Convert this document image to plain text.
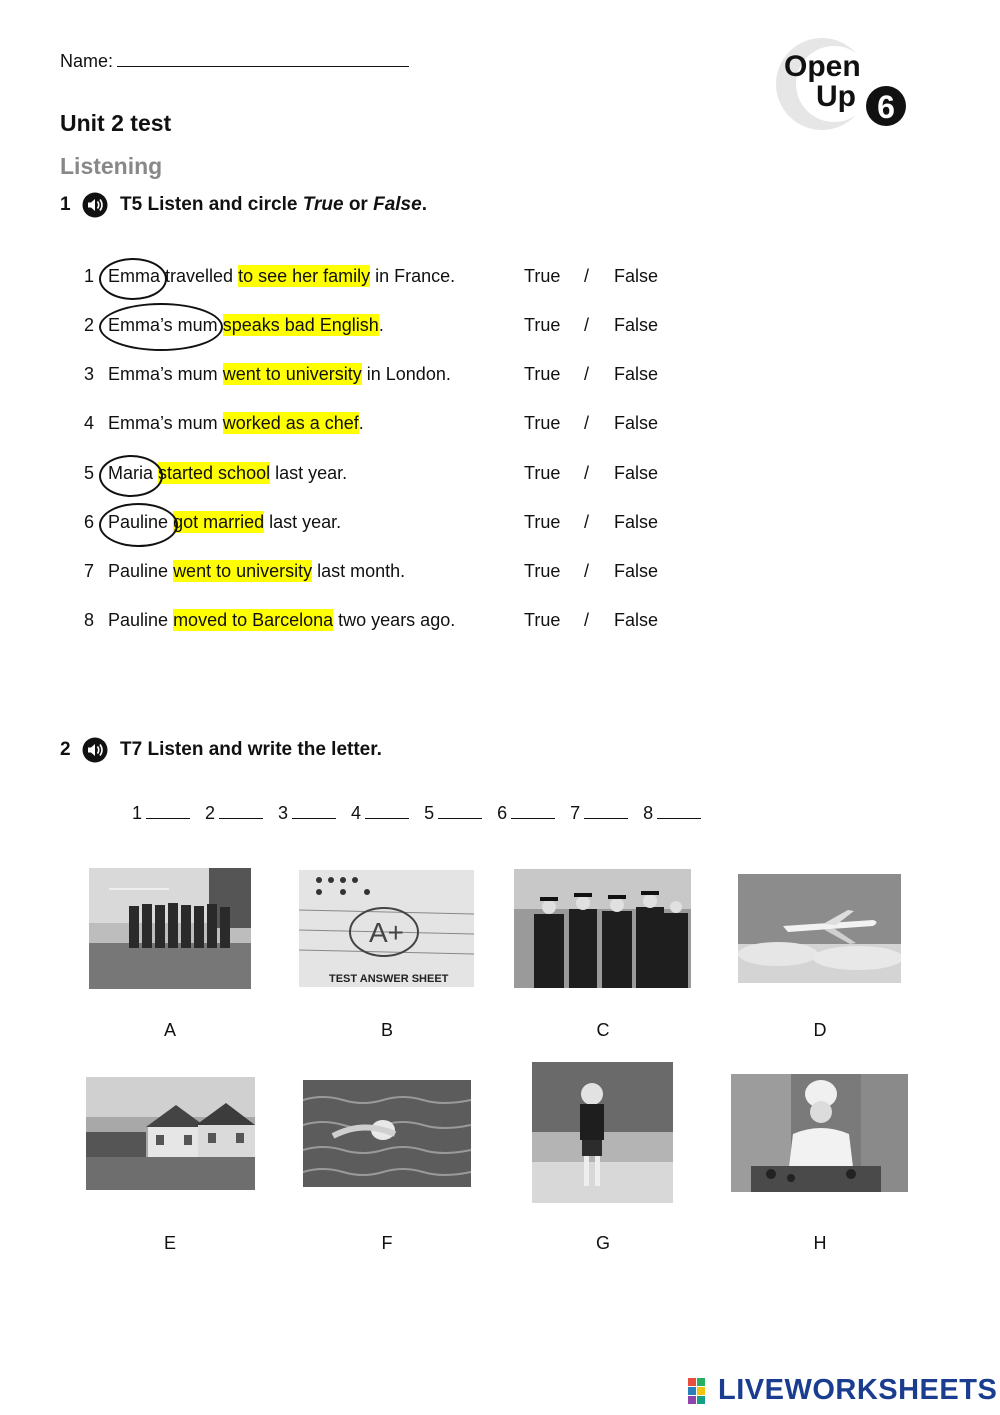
Name:	Open
Up 6
Unit 2 test
Listening
1	T5 Listen and circle True or False.
1 Emma travelled to see her family in France.	True / False
2 Emma’s mum speaks bad English.	True / False
3 Emma’s mum went to university in London.	True / False
4 Emma’s mum worked as a chef.	True / False
5 Maria started school last year.	True / False
6 Pauline got married last year.	True / False
7 Pauline went to university last month.	True / False
8 Pauline moved to Barcelona two years ago.	True / False
2	T7 Listen and write the letter.
1	2	3	4	5	6	7	8
A
A+
TEST ANSWER SHEET
B	C	D
E	F	G	H
LIVEWORKSHEETS
